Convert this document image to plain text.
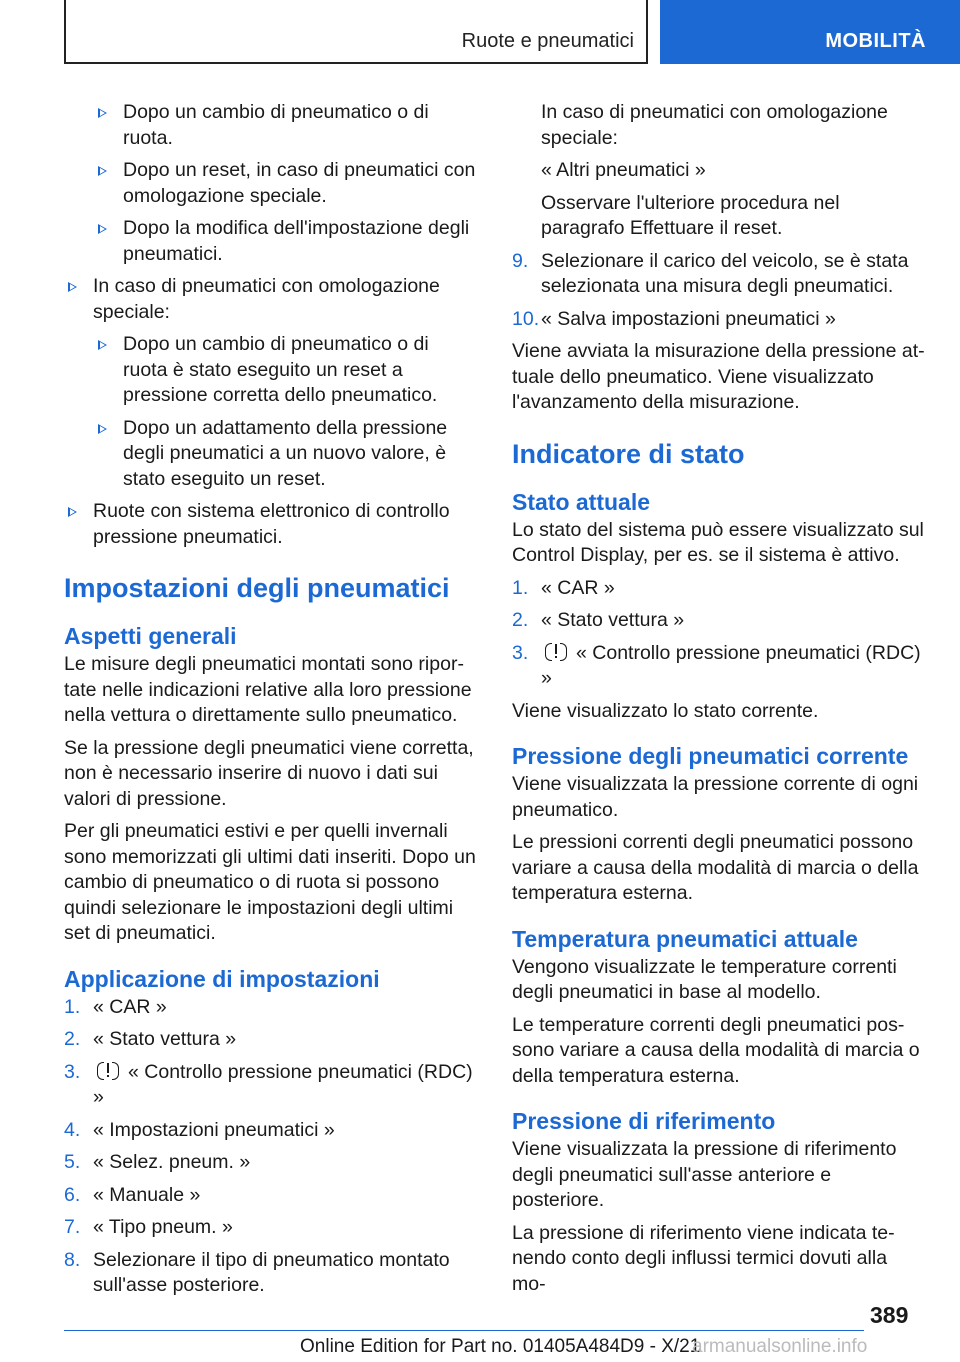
Ruote e pneumatici	MOBILITÀ
Dopo un cambio di pneumatico o di ruota.
Dopo un reset, in caso di pneumatici con omologazione speciale.
Dopo la modifica dell'impostazione degli pneumatici.
In caso di pneumatici con omologazione speciale:
Dopo un cambio di pneumatico o di ruota è stato eseguito un reset a pressione corretta dello pneumatico.
Dopo un adattamento della pressione degli pneumatici a un nuovo valore, è stato eseguito un reset.
Ruote con sistema elettronico di controllo pressione pneumatici.
Impostazioni degli pneumatici
Aspetti generali

Le misure degli pneumatici montati sono riportate nelle indicazioni relative alla loro pressione nella vettura o direttamente sullo pneumatico.

Se la pressione degli pneumatici viene corretta, non è necessario inserire di nuovo i dati sui valori di pressione.

Per gli pneumatici estivi e per quelli invernali sono memorizzati gli ultimi dati inseriti. Dopo un cambio di pneumatico o di ruota si possono quindi selezionare le impostazioni degli ultimi set di pneumatici.

Applicazione di impostazioni
1. « CAR »
2. « Stato vettura »
3. « Controllo pressione pneumatici (RDC) »
4. « Impostazioni pneumatici »
5. « Selez. pneum. »
6. « Manuale »
7. « Tipo pneum. »
8. Selezionare il tipo di pneumatico montato sull'asse posteriore.

In caso di pneumatici con omologazione speciale:

« Altri pneumatici »

Osservare l'ulteriore procedura nel paragrafo Effettuare il reset.

9. Selezionare il carico del veicolo, se è stata selezionata una misura degli pneumatici.
10. « Salva impostazioni pneumatici »

Viene avviata la misurazione della pressione attuale dello pneumatico. Viene visualizzato l'avanzamento della misurazione.

Indicatore di stato
Stato attuale

Lo stato del sistema può essere visualizzato sul Control Display, per es. se il sistema è attivo.

1. « CAR »
2. « Stato vettura »
3. « Controllo pressione pneumatici (RDC) »

Viene visualizzato lo stato corrente.

Pressione degli pneumatici corrente

Viene visualizzata la pressione corrente di ogni pneumatico.

Le pressioni correnti degli pneumatici possono variare a causa della modalità di marcia o della temperatura esterna.

Temperatura pneumatici attuale

Vengono visualizzate le temperature correnti degli pneumatici in base al modello.

Le temperature correnti degli pneumatici possono variare a causa della modalità di marcia o della temperatura esterna.

Pressione di riferimento

Viene visualizzata la pressione di riferimento degli pneumatici sull'asse anteriore e posteriore.

La pressione di riferimento viene indicata tenendo conto degli influssi termici dovuti alla mo-

389
Online Edition for Part no. 01405A484D9 - X/21
armanualsonline.info
